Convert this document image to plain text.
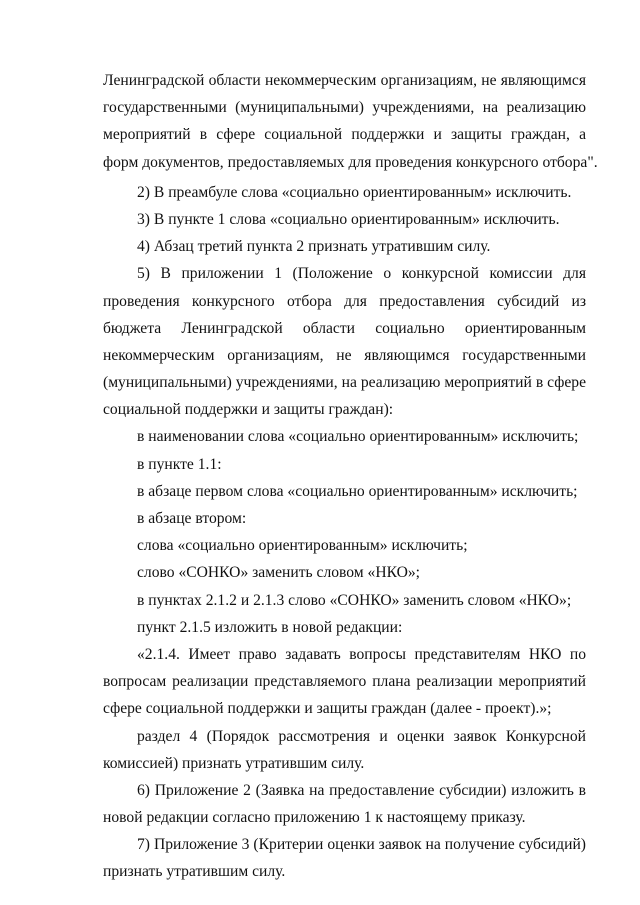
Ленинградской области некоммерческим организациям, не являющимся
государственными (муниципальными) учреждениями, на реализацию
мероприятий в сфере социальной поддержки и защиты граждан, а
форм документов, предоставляемых для проведения конкурсного отбора".
2) В преамбуле слова «социально ориентированным» исключить.
3) В пункте 1 слова «социально ориентированным» исключить.
4) Абзац третий пункта 2 признать утратившим силу.
5) В приложении 1 (Положение о конкурсной комиссии для
проведения конкурсного отбора для предоставления субсидий из
бюджета Ленинградской области социально ориентированным
некоммерческим организациям, не являющимся государственными
(муниципальными) учреждениями, на реализацию мероприятий в сфере
социальной поддержки и защиты граждан):
в наименовании слова «социально ориентированным» исключить;
в пункте 1.1:
в абзаце первом слова «социально ориентированным» исключить;
в абзаце втором:
слова «социально ориентированным» исключить;
слово «СОНКО» заменить словом «НКО»;
в пунктах 2.1.2 и 2.1.3 слово «СОНКО» заменить словом «НКО»;
пункт 2.1.5 изложить в новой редакции:
«2.1.4. Имеет право задавать вопросы представителям НКО по
вопросам реализации представляемого плана реализации мероприятий
сфере социальной поддержки и защиты граждан (далее - проект).»;
раздел 4 (Порядок рассмотрения и оценки заявок Конкурсной
комиссией) признать утратившим силу.
6) Приложение 2 (Заявка на предоставление субсидии) изложить в
новой редакции согласно приложению 1 к настоящему приказу.
7) Приложение 3 (Критерии оценки заявок на получение субсидий)
признать утратившим силу.
